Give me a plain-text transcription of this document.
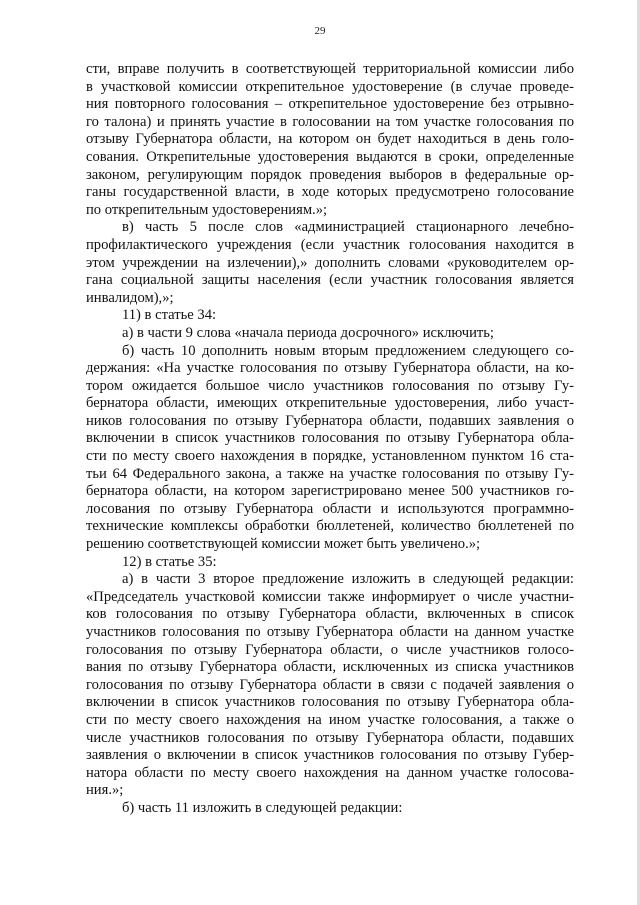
29
сти, вправе получить в соответствующей территориальной комиссии либо
в участковой комиссии открепительное удостоверение (в случае проведе-
ния повторного голосования – открепительное удостоверение без отрывно-
го талона) и принять участие в голосовании на том участке голосования по
отзыву Губернатора области, на котором он будет находиться в день голо-
сования. Открепительные удостоверения выдаются в сроки, определенные
законом, регулирующим порядок проведения выборов в федеральные ор-
ганы государственной власти, в ходе которых предусмотрено голосование
по открепительным удостоверениям.»;
в) часть 5 после слов «администрацией стационарного лечебно-
профилактического учреждения (если участник голосования находится в
этом учреждении на излечении),» дополнить словами «руководителем ор-
гана социальной защиты населения (если участник голосования является
инвалидом),»;
11) в статье 34:
а) в части 9 слова «начала периода досрочного» исключить;
б) часть 10 дополнить новым вторым предложением следующего со-
держания: «На участке голосования по отзыву Губернатора области, на ко-
тором ожидается большое число участников голосования по отзыву Гу-
бернатора области, имеющих открепительные удостоверения, либо участ-
ников голосования по отзыву Губернатора области, подавших заявления о
включении в список участников голосования по отзыву Губернатора обла-
сти по месту своего нахождения в порядке, установленном пунктом 16 ста-
тьи 64 Федерального закона, а также на участке голосования по отзыву Гу-
бернатора области, на котором зарегистрировано менее 500 участников го-
лосования по отзыву Губернатора области и используются программно-
технические комплексы обработки бюллетеней, количество бюллетеней по
решению соответствующей комиссии может быть увеличено.»;
12) в статье 35:
а) в части 3 второе предложение изложить в следующей редакции:
«Председатель участковой комиссии также информирует о числе участни-
ков голосования по отзыву Губернатора области, включенных в список
участников голосования по отзыву Губернатора области на данном участке
голосования по отзыву Губернатора области, о числе участников голосо-
вания по отзыву Губернатора области, исключенных из списка участников
голосования по отзыву Губернатора области в связи с подачей заявления о
включении в список участников голосования по отзыву Губернатора обла-
сти по месту своего нахождения на ином участке голосования, а также о
числе участников голосования по отзыву Губернатора области, подавших
заявления о включении в список участников голосования по отзыву Губер-
натора области по месту своего нахождения на данном участке голосова-
ния.»;
б) часть 11 изложить в следующей редакции:
